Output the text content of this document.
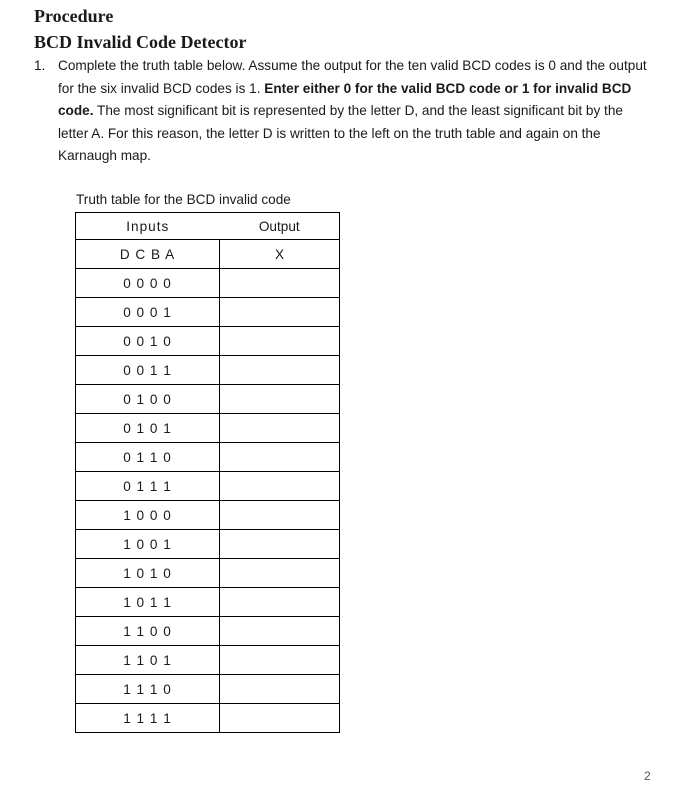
Procedure
BCD Invalid Code Detector
1. Complete the truth table below. Assume the output for the ten valid BCD codes is 0 and the output for the six invalid BCD codes is 1. Enter either 0 for the valid BCD code or 1 for invalid BCD code. The most significant bit is represented by the letter D, and the least significant bit by the letter A. For this reason, the letter D is written to the left on the truth table and again on the Karnaugh map.
Truth table for the BCD invalid code
Inputs	Output
D C B A	X
0 0 0 0	
0 0 0 1	
0 0 1 0	
0 0 1 1	
0 1 0 0	
0 1 0 1	
0 1 1 0	
0 1 1 1	
1 0 0 0	
1 0 0 1	
1 0 1 0	
1 0 1 1	
1 1 0 0	
1 1 0 1	
1 1 1 0	
1 1 1 1	
2
